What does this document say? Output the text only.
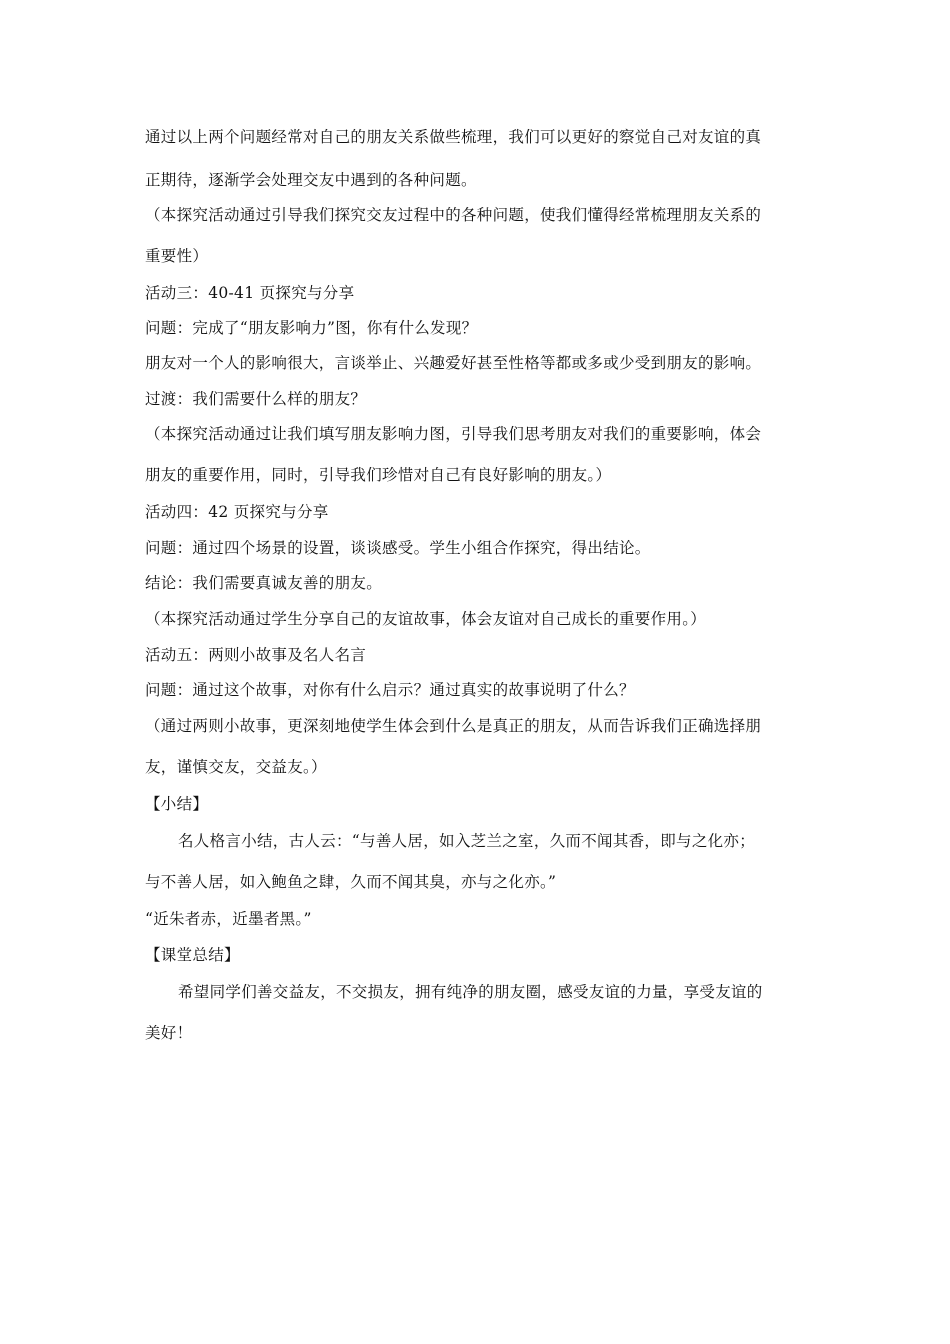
通过以上两个问题经常对自己的朋友关系做些梳理，我们可以更好的察觉自己对友谊的真
正期待，逐渐学会处理交友中遇到的各种问题。
（本探究活动通过引导我们探究交友过程中的各种问题，使我们懂得经常梳理朋友关系的
重要性）
活动三：40-41 页探究与分享
问题：完成了“朋友影响力”图，你有什么发现？
朋友对一个人的影响很大，言谈举止、兴趣爱好甚至性格等都或多或少受到朋友的影响。
过渡：我们需要什么样的朋友？
（本探究活动通过让我们填写朋友影响力图，引导我们思考朋友对我们的重要影响，体会
朋友的重要作用，同时，引导我们珍惜对自己有良好影响的朋友。）
活动四：42 页探究与分享
问题：通过四个场景的设置，谈谈感受。学生小组合作探究，得出结论。
结论：我们需要真诚友善的朋友。
（本探究活动通过学生分享自己的友谊故事，体会友谊对自己成长的重要作用。）
活动五：两则小故事及名人名言
问题：通过这个故事，对你有什么启示？通过真实的故事说明了什么？
（通过两则小故事，更深刻地使学生体会到什么是真正的朋友，从而告诉我们正确选择朋
友，谨慎交友，交益友。）
【小结】
名人格言小结，古人云：“与善人居，如入芝兰之室，久而不闻其香，即与之化亦；
与不善人居，如入鲍鱼之肆，久而不闻其臭，亦与之化亦。”
“近朱者赤，近墨者黑。”
【课堂总结】
希望同学们善交益友，不交损友，拥有纯净的朋友圈，感受友谊的力量，享受友谊的
美好！
